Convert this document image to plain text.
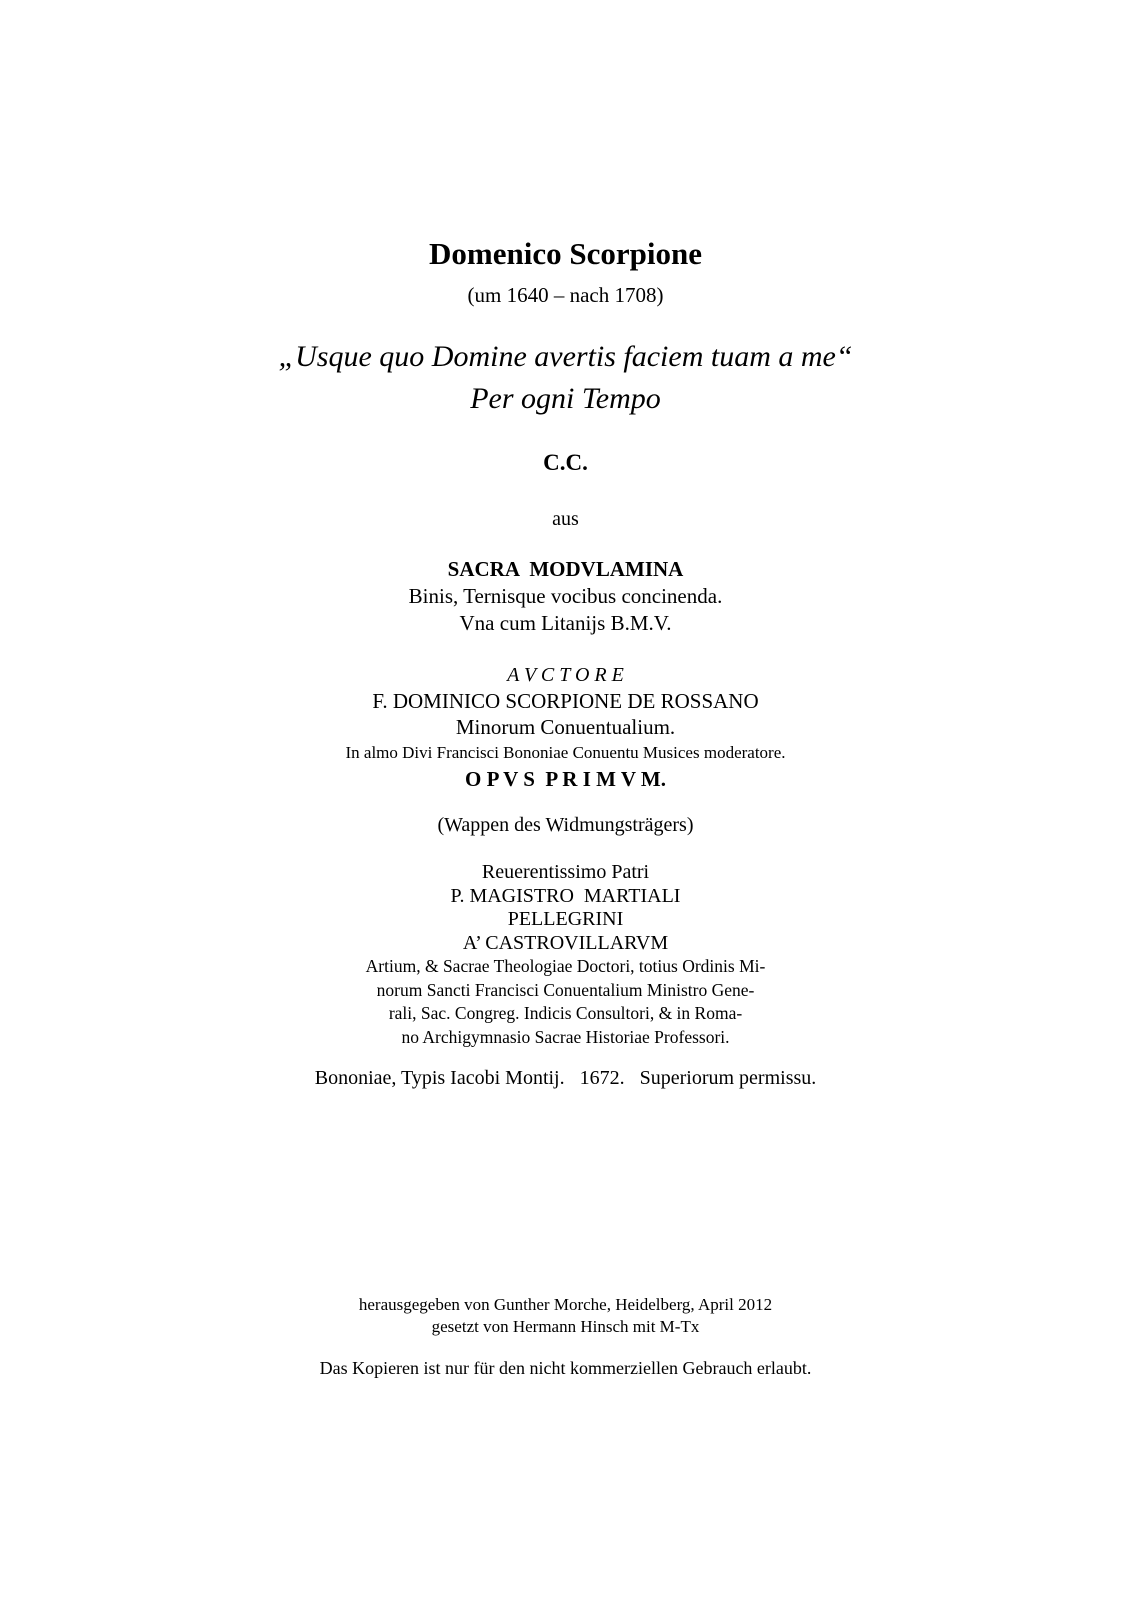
Domenico Scorpione
(um 1640 – nach 1708)
„Usque quo Domine avertis faciem tuam a me“
Per ogni Tempo
C.C.
aus
SACRA  MODVLAMINA
Binis, Ternisque vocibus concinenda.
Vna cum Litanijs B.M.V.
A V C T O R E
F. DOMINICO SCORPIONE DE ROSSANO
Minorum Conuentualium.
In almo Divi Francisci Bononiae Conuentu Musices moderatore.
O P V S  P R I M V M.
(Wappen des Widmungsträgers)
Reuerentissimo Patri
P. MAGISTRO  MARTIALI
PELLEGRINI
A’ CASTROVILLARVM
Artium, & Sacrae Theologiae Doctori, totius Ordinis Mi-
norum Sancti Francisci Conuentalium Ministro Gene-
rali, Sac. Congreg. Indicis Consultori, & in Roma-
no Archigymnasio Sacrae Historiae Professori.
Bononiae, Typis Iacobi Montij.   1672.   Superiorum permissu.
herausgegeben von Gunther Morche, Heidelberg, April 2012
gesetzt von Hermann Hinsch mit M-Tx
Das Kopieren ist nur für den nicht kommerziellen Gebrauch erlaubt.
